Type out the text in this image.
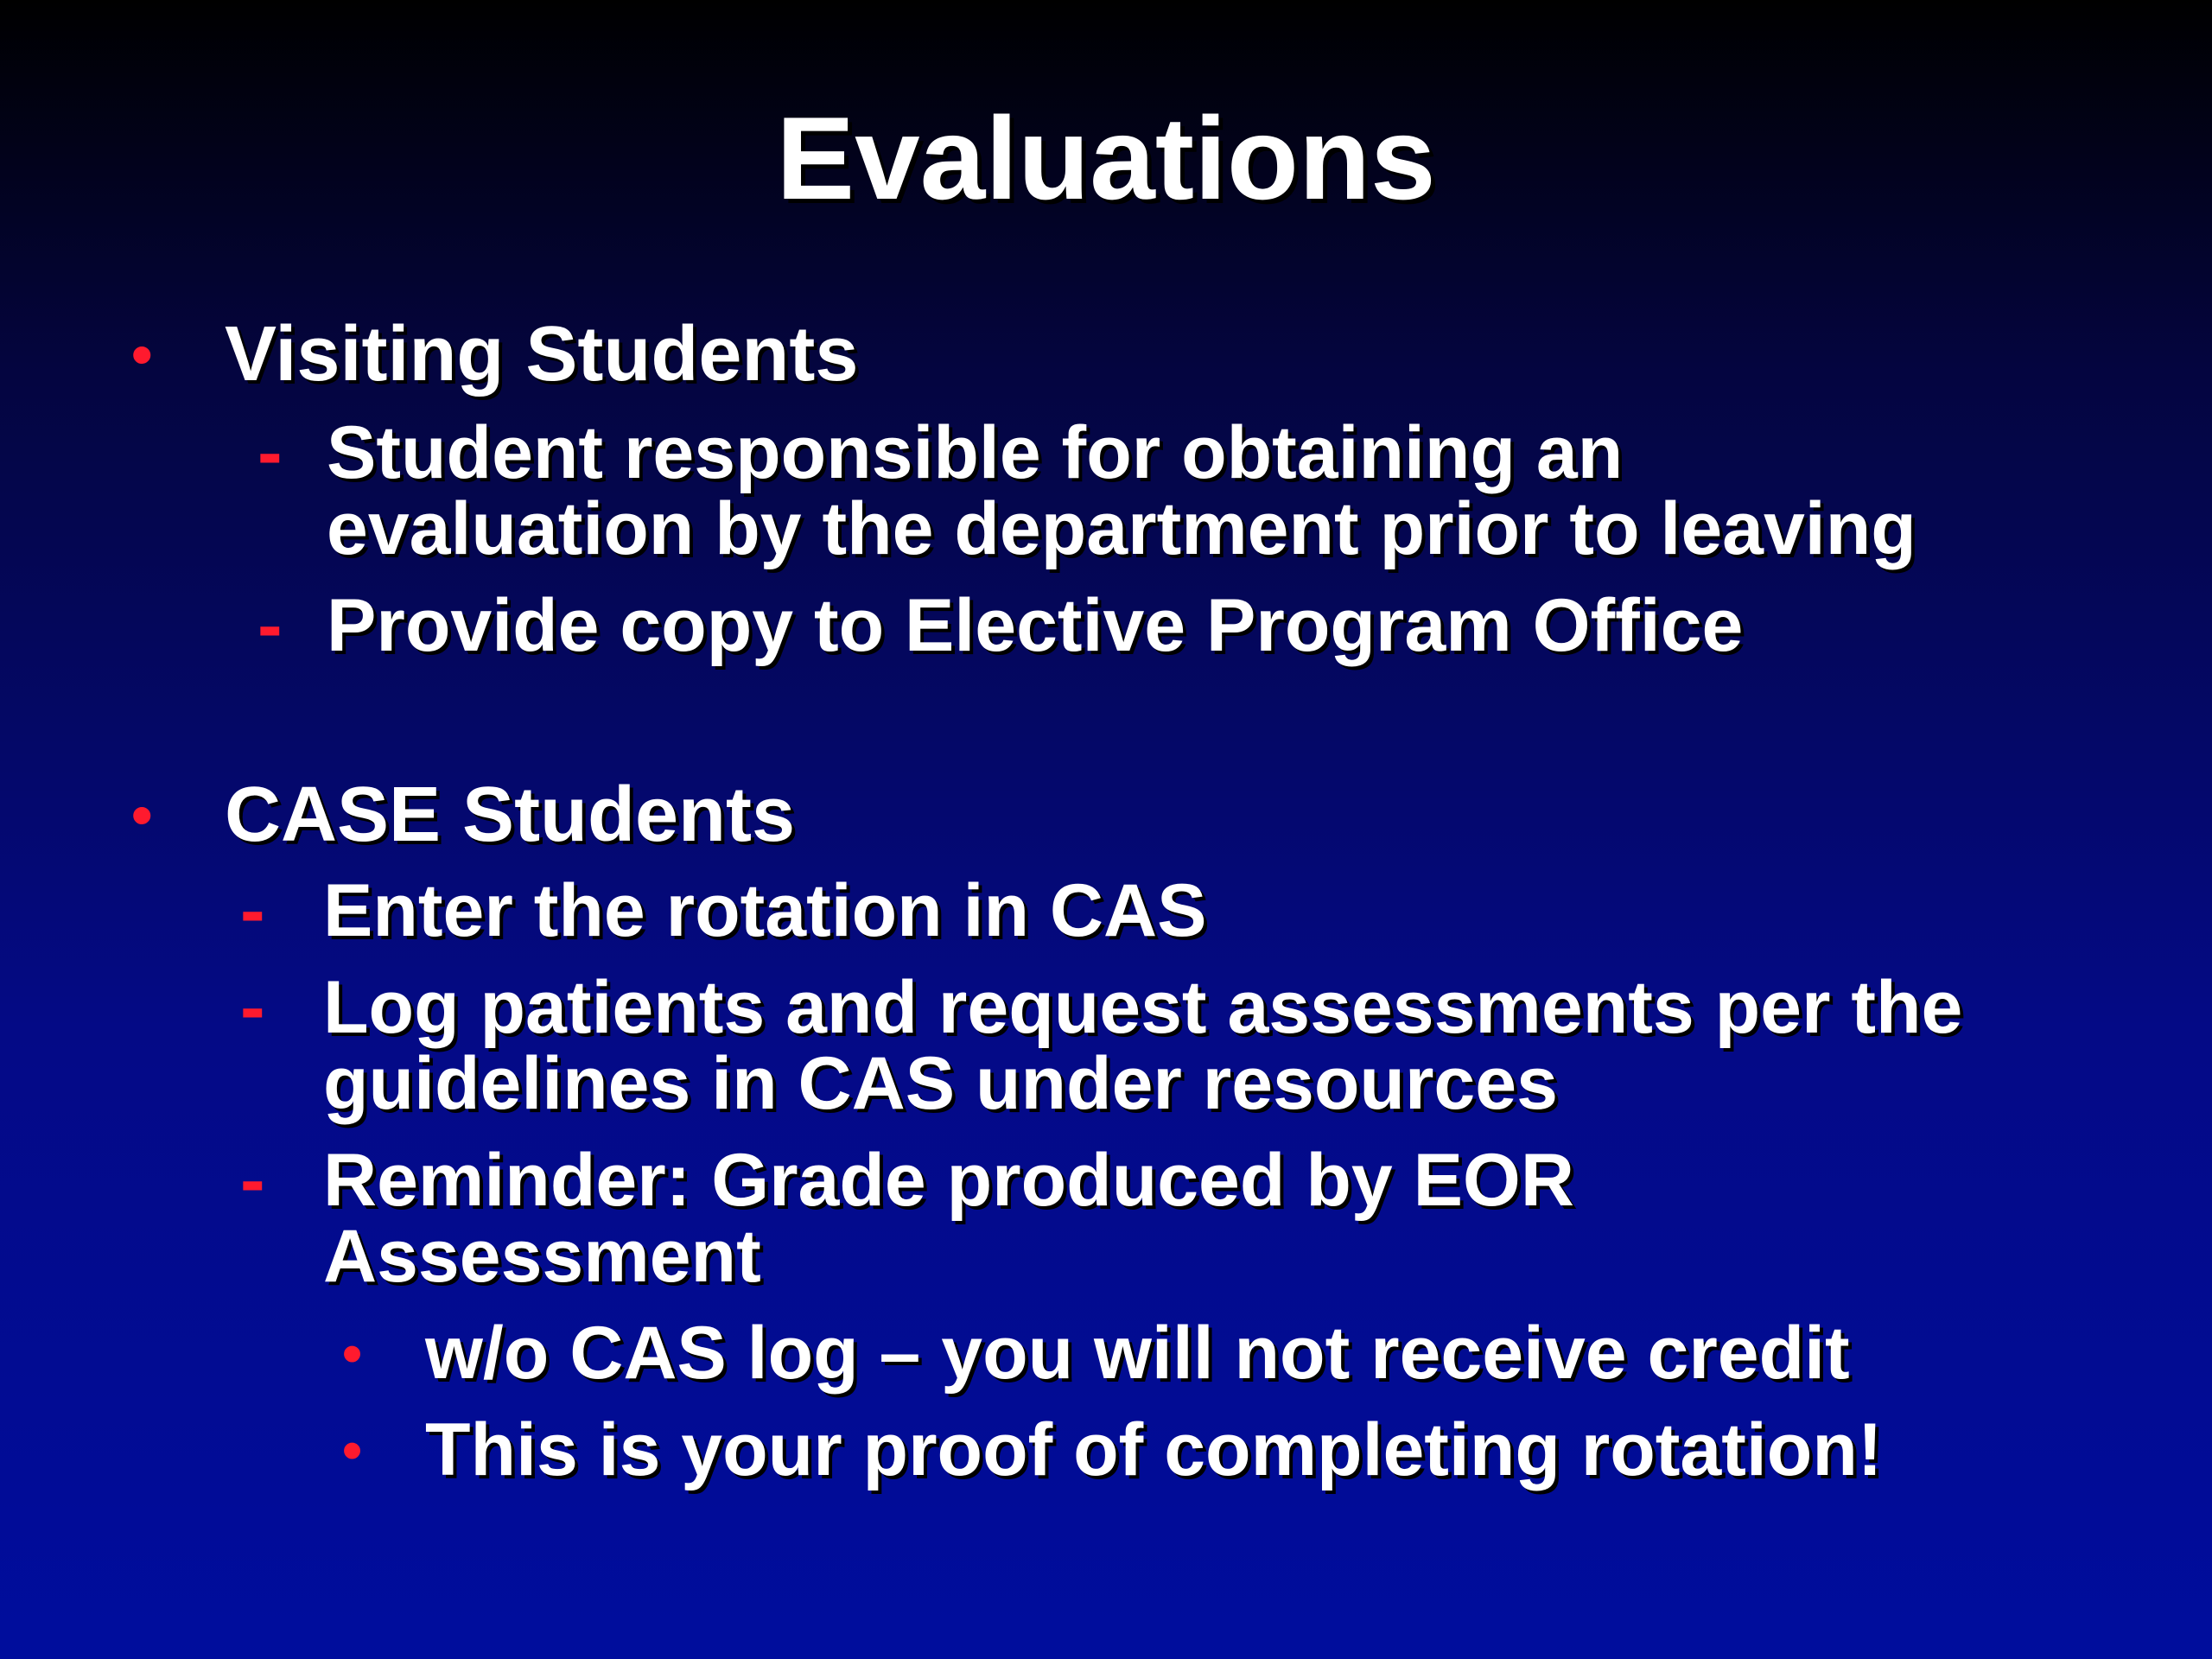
Evaluations
• Visiting Students
- Student responsible for obtaining an
evaluation by the department prior to leaving
- Provide copy to Elective Program Office
• CASE Students
- Enter the rotation in CAS
- Log patients and request assessments per the
guidelines in CAS under resources
- Reminder: Grade produced by EOR
Assessment
• w/o CAS log – you will not receive credit
• This is your proof of completing rotation!
